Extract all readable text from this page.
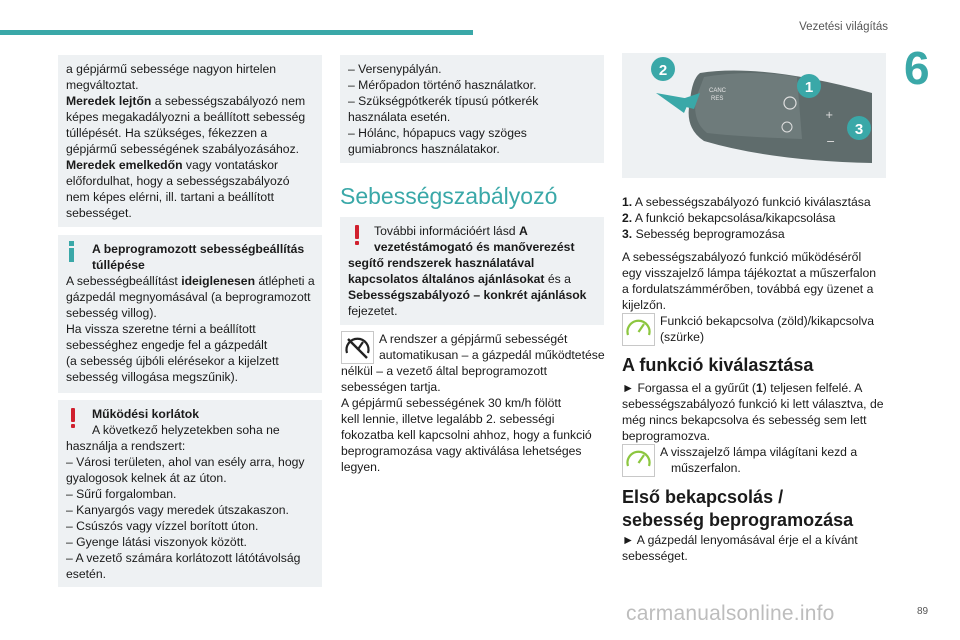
Vezetési világítás
6

a gépjármű sebessége nagyon hirtelen

megváltoztat.

Meredek lejtőn a sebességszabályozó nem

képes megakadályozni a beállított sebesség

túllépését. Ha szükséges, fékezzen a

gépjármű sebességének szabályozásához.

Meredek emelkedőn vagy vontatáskor

előfordulhat, hogy a sebességszabályozó

nem képes elérni, ill. tartani a beállított

sebességet.

A beprogramozott sebességbeállítás

túllépése

A sebességbeállítást ideiglenesen átlépheti a

gázpedál megnyomásával (a beprogramozott

sebesség villog).

Ha vissza szeretne térni a beállított

sebességhez engedje fel a gázpedált

(a sebesség újbóli elérésekor a kijelzett

sebesség villogása megszűnik).

Működési korlátok

A következő helyzetekben soha ne

használja a rendszert:

– Városi területen, ahol van esély arra, hogy

gyalogosok kelnek át az úton.

– Sűrű forgalomban.

– Kanyargós vagy meredek útszakaszon.

– Csúszós vagy vízzel borított úton.

– Gyenge látási viszonyok között.

– A vezető számára korlátozott látótávolság

esetén.

– Versenypályán.

– Mérőpadon történő használatkor.

– Szükségpótkerék típusú pótkerék

használata esetén.

– Hólánc, hópapucs vagy szöges

gumiabroncs használatakor.

Sebességszabályozó

További információért lásd A

vezetéstámogató és manőverezést

segítő rendszerek használatával

kapcsolatos általános ajánlásokat és a

Sebességszabályozó – konkrét ajánlások

fejezetet.

A rendszer a gépjármű sebességét

automatikusan – a gázpedál működtetése

nélkül – a vezető által beprogramozott

sebességen tartja.

A gépjármű sebességének 30 km/h fölött

kell lennie, illetve legalább 2. sebességi

fokozatba kell kapcsolni ahhoz, hogy a funkció

beprogramozása vagy aktiválása lehetséges

legyen.

CANC
RES
+
−
2
1
3

1. A sebességszabályozó funkció kiválasztása

2. A funkció bekapcsolása/kikapcsolása

3. Sebesség beprogramozása

A sebességszabályozó funkció működéséről

egy visszajelző lámpa tájékoztat a műszerfalon

a fordulatszámmérőben, továbbá egy üzenet a

kijelzőn.

Funkció bekapcsolva (zöld)/kikapcsolva

(szürke)

A funkció kiválasztása

► Forgassa el a gyűrűt (1) teljesen felfelé. A

sebességszabályozó funkció ki lett választva, de

még nincs bekapcsolva és sebesség sem lett

beprogramozva.

A visszajelző lámpa világítani kezd a

műszerfalon.

Első bekapcsolás /
sebesség beprogramozása

► A gázpedál lenyomásával érje el a kívánt

sebességet.

89
carmanualsonline.info
